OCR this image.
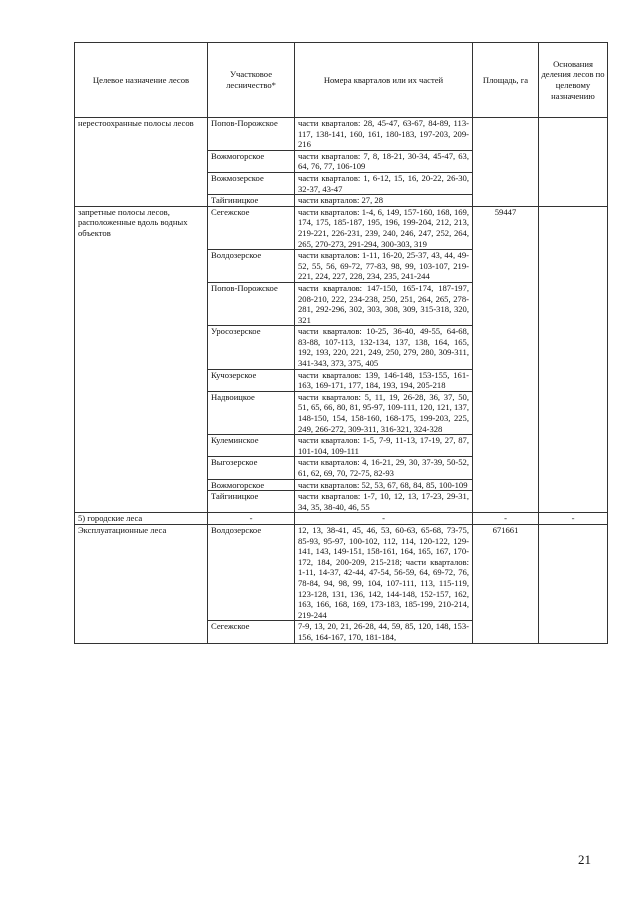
Целевое назначение лесов	Участковое лесничество*	Номера кварталов или их частей	Площадь, га	Основания деления лесов по целевому назначению
нерестоохранные полосы лесов	Попов-Порожское	части кварталов: 28, 45-47, 63-67, 84-89, 113-117, 138-141, 160, 161, 180-183, 197-203, 209-216		
	Вожмогорское	части кварталов: 7, 8, 18-21, 30-34, 45-47, 63, 64, 76, 77, 106-109		
	Вожмозерское	части кварталов: 1, 6-12, 15, 16, 20-22, 26-30, 32-37, 43-47		
	Тайгиницкое	части кварталов: 27, 28		
запретные полосы лесов, расположенные вдоль водных объектов	Сегежское	части кварталов: 1-4, 6, 149, 157-160, 168, 169, 174, 175, 185-187, 195, 196, 199-204, 212, 213, 219-221, 226-231, 239, 240, 246, 247, 252, 264, 265, 270-273, 291-294, 300-303, 319	59447	
	Волдозерское	части кварталов: 1-11, 16-20, 25-37, 43, 44, 49-52, 55, 56, 69-72, 77-83, 98, 99, 103-107, 219-221, 224, 227, 228, 234, 235, 241-244		
	Попов-Порожское	части кварталов: 147-150, 165-174, 187-197, 208-210, 222, 234-238, 250, 251, 264, 265, 278-281, 292-296, 302, 303, 308, 309, 315-318, 320, 321		
	Уросозерское	части кварталов: 10-25, 36-40, 49-55, 64-68, 83-88, 107-113, 132-134, 137, 138, 164, 165, 192, 193, 220, 221, 249, 250, 279, 280, 309-311, 341-343, 373, 375, 405		
	Кучозерское	части кварталов: 139, 146-148, 153-155, 161-163, 169-171, 177, 184, 193, 194, 205-218		
	Надвоицкое	части кварталов: 5, 11, 19, 26-28, 36, 37, 50, 51, 65, 66, 80, 81, 95-97, 109-111, 120, 121, 137, 148-150, 154, 158-160, 168-175, 199-203, 225, 249, 266-272, 309-311, 316-321, 324-328		
	Кулеминское	части кварталов: 1-5, 7-9, 11-13, 17-19, 27, 87, 101-104, 109-111		
	Выгозерское	части кварталов: 4, 16-21, 29, 30, 37-39, 50-52, 61, 62, 69, 70, 72-75, 82-93		
	Вожмогорское	части кварталов: 52, 53, 67, 68, 84, 85, 100-109		
	Тайгиницкое	части кварталов: 1-7, 10, 12, 13, 17-23, 29-31, 34, 35, 38-40, 46, 55		
5) городские леса	-	-	-	-
Эксплуатационные леса	Волдозерское	12, 13, 38-41, 45, 46, 53, 60-63, 65-68, 73-75, 85-93, 95-97, 100-102, 112, 114, 120-122, 129-141, 143, 149-151, 158-161, 164, 165, 167, 170-172, 184, 200-209, 215-218; части кварталов: 1-11, 14-37, 42-44, 47-54, 56-59, 64, 69-72, 76, 78-84, 94, 98, 99, 104, 107-111, 113, 115-119, 123-128, 131, 136, 142, 144-148, 152-157, 162, 163, 166, 168, 169, 173-183, 185-199, 210-214, 219-244	671661	
	Сегежское	7-9, 13, 20, 21, 26-28, 44, 59, 85, 120, 148, 153-156, 164-167, 170, 181-184,		
21
